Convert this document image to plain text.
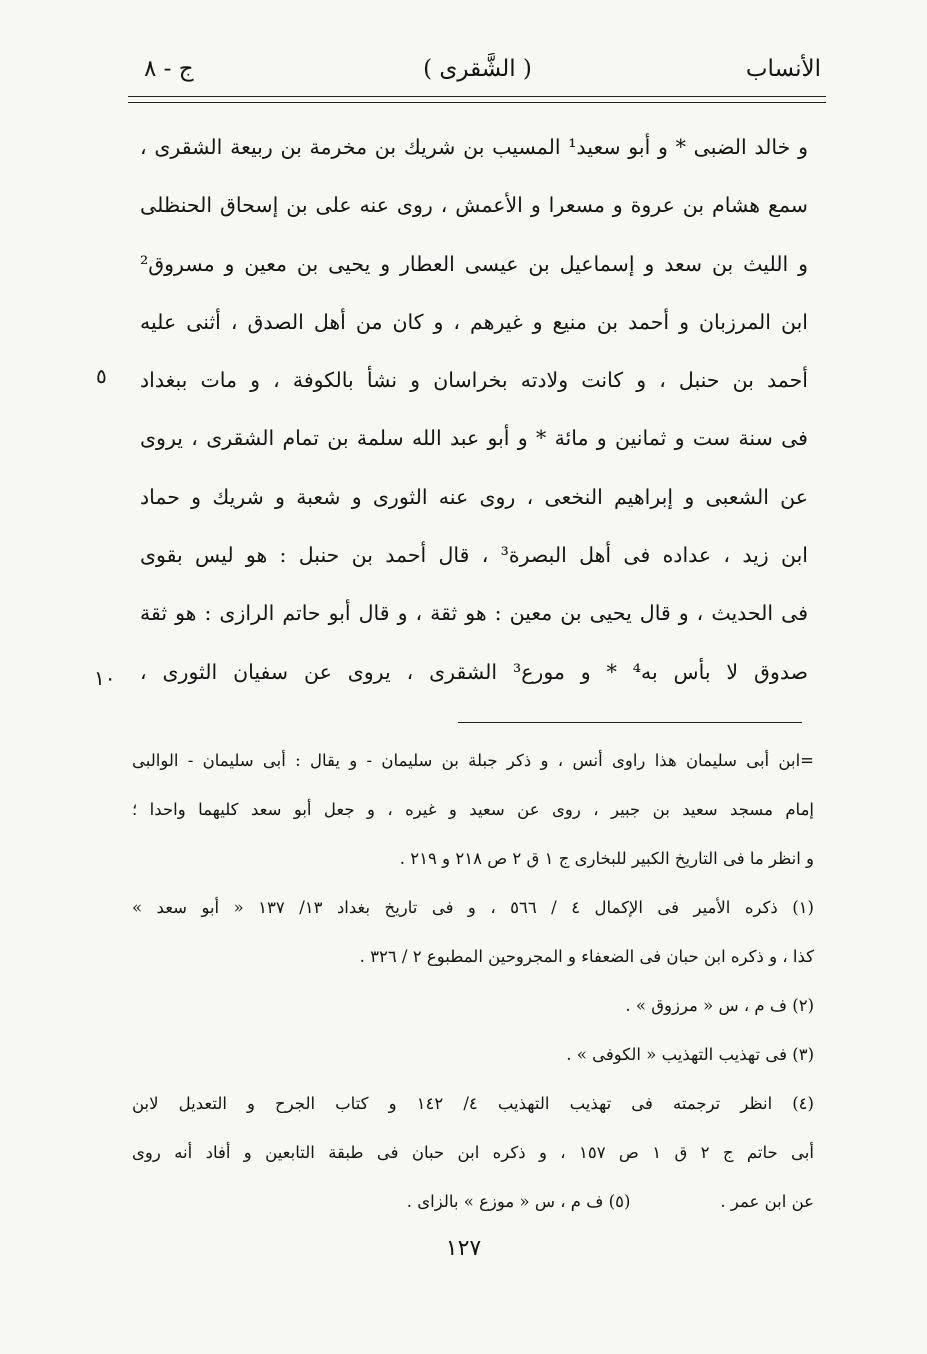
الأنساب
( الشَّقرى )
ج - ٨
و خالد الضبى * و أبو سعيد¹ المسيب بن شريك بن مخرمة بن ربيعة الشقرى ،
سمع هشام بن عروة و مسعرا و الأعمش ، روى عنه على بن إسحاق الحنظلى
و الليث بن سعد و إسماعيل بن عيسى العطار و يحيى بن معين و مسروق²
ابن المرزبان و أحمد بن منيع و غيرهم ، و كان من أهل الصدق ، أثنى عليه
أحمد بن حنبل ، و كانت ولادته بخراسان و نشأ بالكوفة ، و مات ببغداد
فى سنة ست و ثمانين و مائة * و أبو عبد الله سلمة بن تمام الشقرى ، يروى
عن الشعبى و إبراهيم النخعى ، روى عنه الثورى و شعبة و شريك و حماد
ابن زيد ، عداده فى أهل البصرة³ ، قال أحمد بن حنبل : هو ليس بقوى
فى الحديث ، و قال يحيى بن معين : هو ثقة ، و قال أبو حاتم الرازى : هو ثقة
صدوق لا بأس به⁴ * و مورع³ الشقرى ، يروى عن سفيان الثورى ،
٥
١٠
=ابن أبى سليمان هذا راوى أنس ، و ذكر جبلة بن سليمان - و يقال : أبى سليمان - الوالبى
إمام مسجد سعيد بن جبير ، روى عن سعيد و غيره ، و جعل أبو سعد كليهما واحدا ؛
و انظر ما فى التاريخ الكبير للبخارى ج ١ ق ٢ ص ٢١٨ و ٢١٩ .
(١) ذكره الأمير فى الإكمال ٤ / ٥٦٦ ، و فى تاريخ بغداد ١٣/ ١٣٧ « أبو سعد »
كذا ، و ذكره ابن حبان فى الضعفاء و المجروحين المطبوع ٢ / ٣٢٦ .
(٢) ف م ، س « مرزوق » .
(٣) فى تهذيب التهذيب « الكوفى » .
(٤) انظر ترجمته فى تهذيب التهذيب ٤/ ١٤٢ و كتاب الجرح و التعديل لابن
أبى حاتم ج ٢ ق ١ ص ١٥٧ ، و ذكره ابن حبان فى طبقة التابعين و أفاد أنه روى
عن ابن عمر .
(٥) ف م ، س « موزع » بالزاى .
١٢٧
